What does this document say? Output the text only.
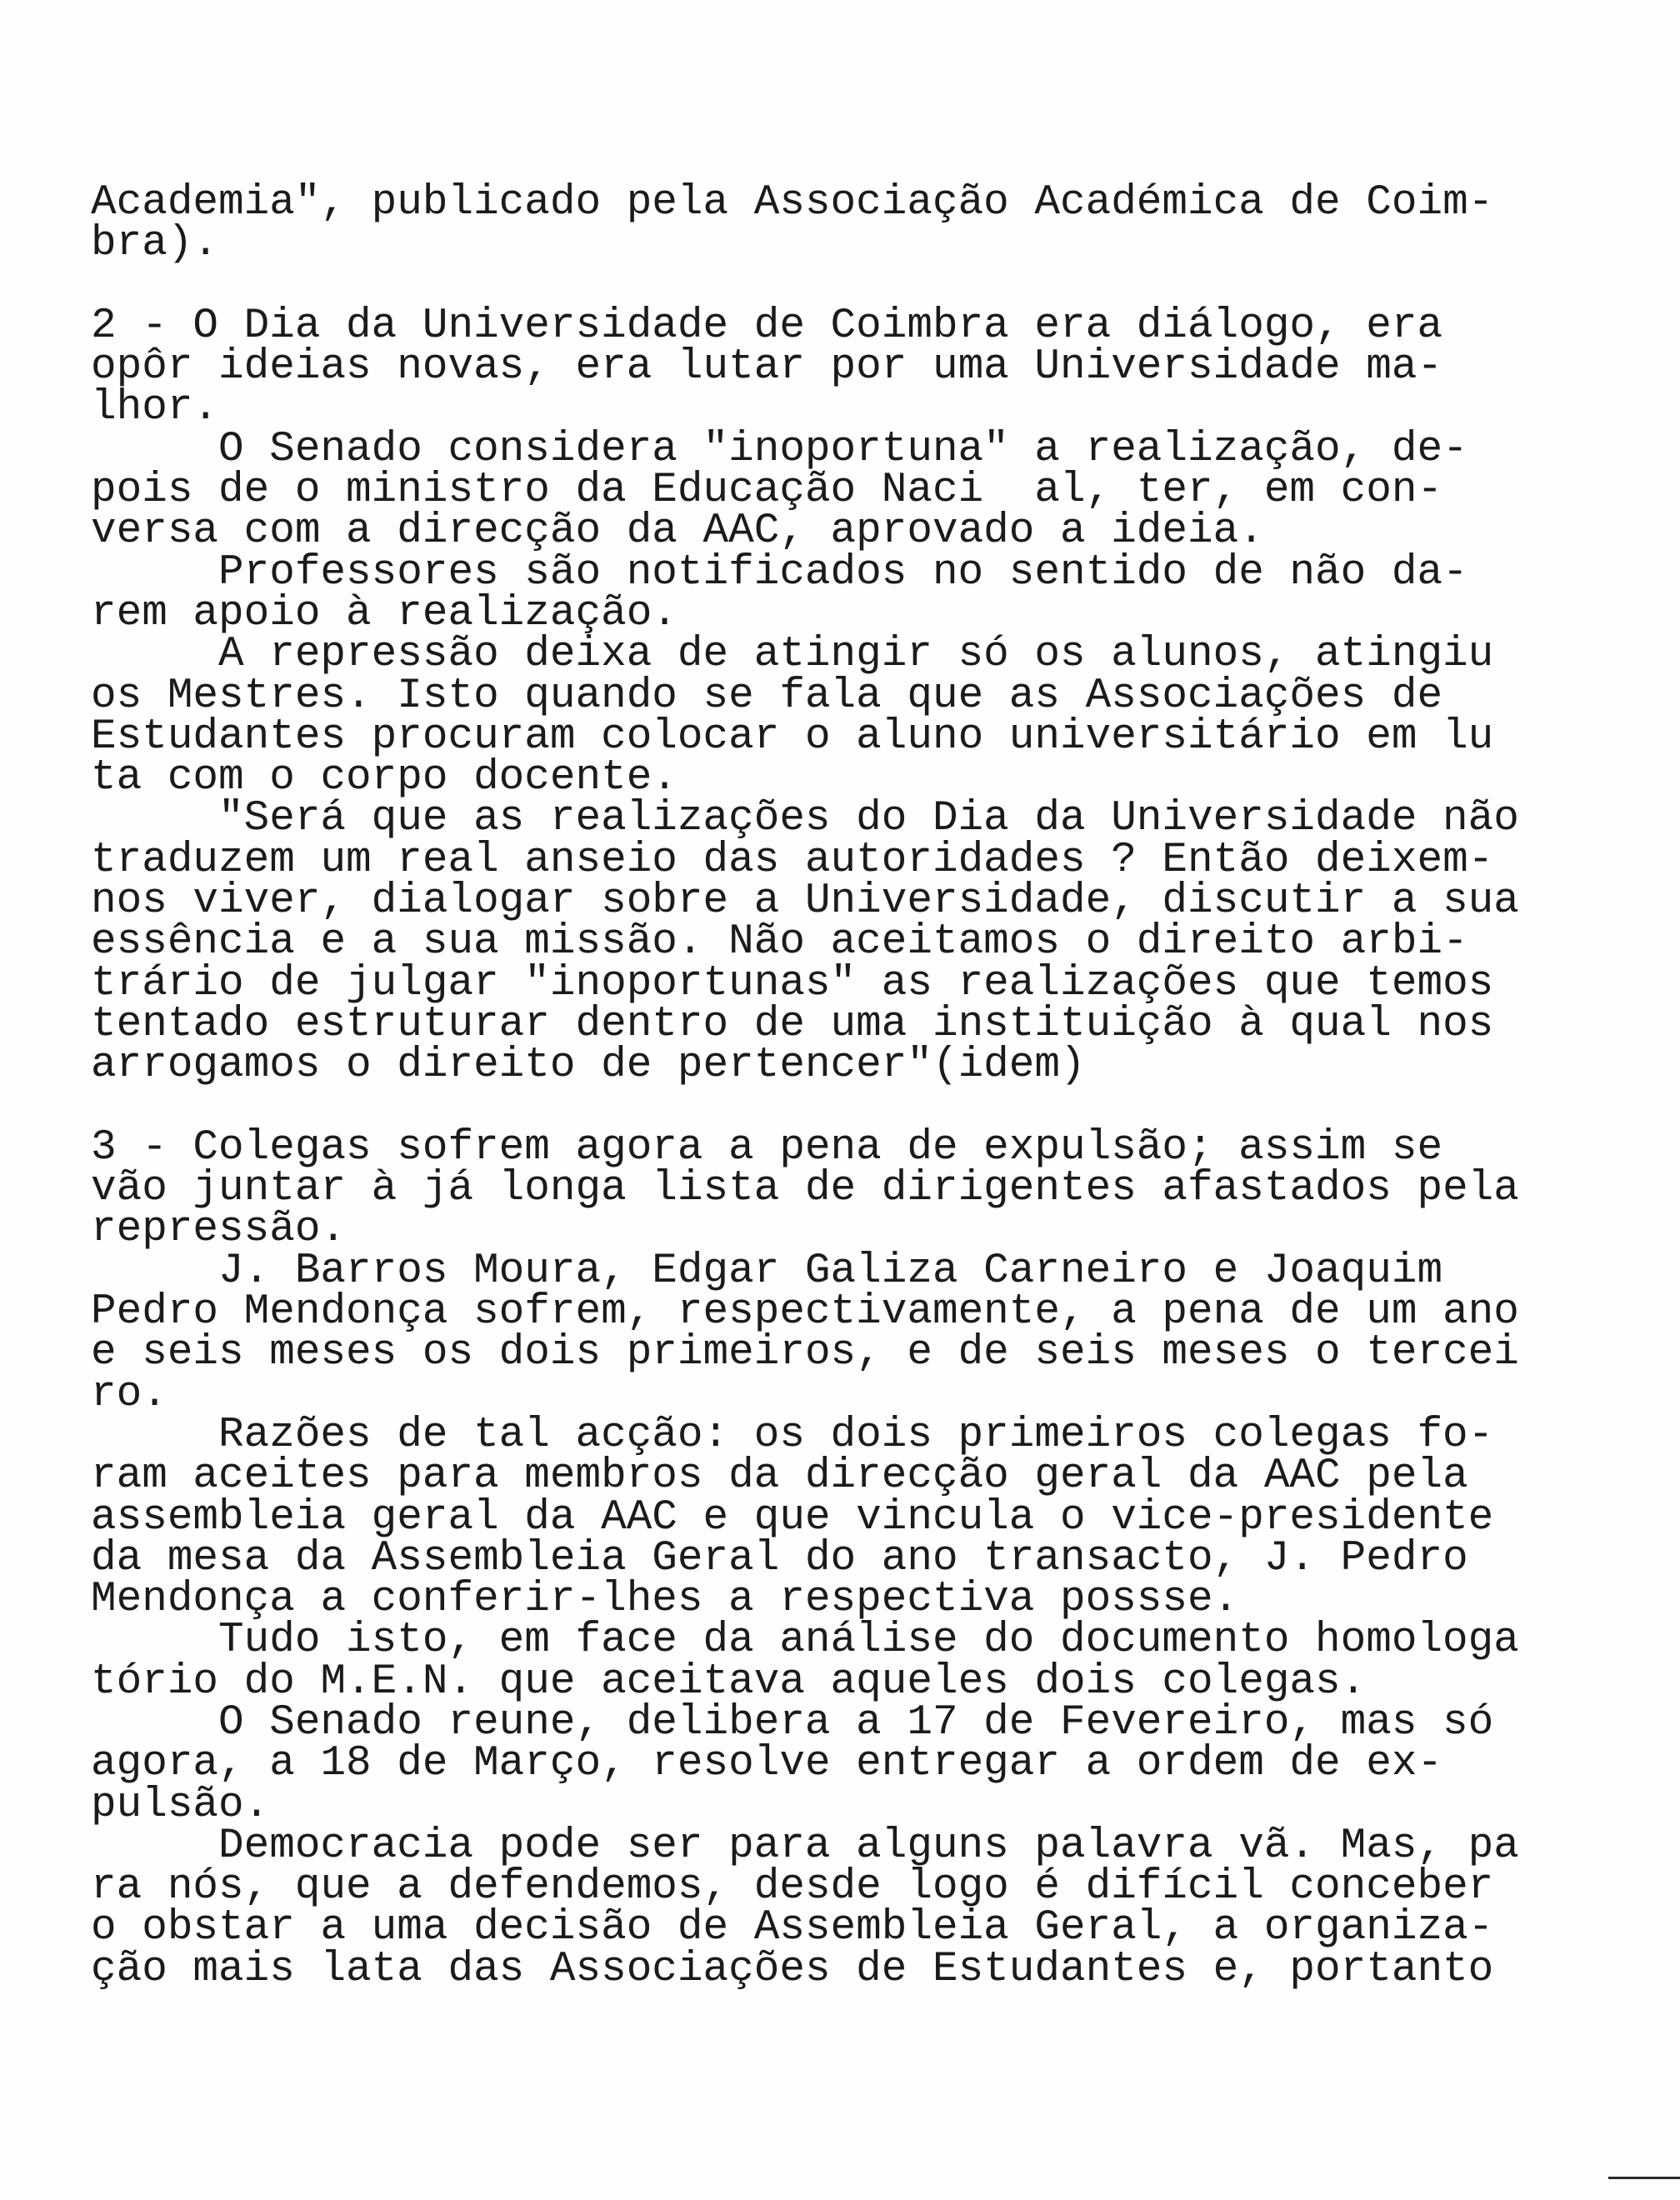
Academia", publicado pela Associação Académica de Coim-
bra).
2 - O Dia da Universidade de Coimbra era diálogo, era
opôr ideias novas, era lutar por uma Universidade ma-
lhor.
O Senado considera "inoportuna" a realização, de-
pois de o ministro da Educação Naci  al, ter, em con-
versa com a direcção da AAC, aprovado a ideia.
Professores são notificados no sentido de não da-
rem apoio à realização.
A repressão deixa de atingir só os alunos, atingiu
os Mestres. Isto quando se fala que as Associações de
Estudantes procuram colocar o aluno universitário em lu
ta com o corpo docente.
"Será que as realizações do Dia da Universidade não
traduzem um real anseio das autoridades ? Então deixem-
nos viver, dialogar sobre a Universidade, discutir a sua
essência e a sua missão. Não aceitamos o direito arbi-
trário de julgar "inoportunas" as realizações que temos
tentado estruturar dentro de uma instituição à qual nos
arrogamos o direito de pertencer"(idem)
3 - Colegas sofrem agora a pena de expulsão; assim se
vão juntar à já longa lista de dirigentes afastados pela
repressão.
J. Barros Moura, Edgar Galiza Carneiro e Joaquim
Pedro Mendonça sofrem, respectivamente, a pena de um ano
e seis meses os dois primeiros, e de seis meses o tercei
ro.
Razões de tal acção: os dois primeiros colegas fo-
ram aceites para membros da direcção geral da AAC pela
assembleia geral da AAC e que vincula o vice-presidente
da mesa da Assembleia Geral do ano transacto, J. Pedro
Mendonça a conferir-lhes a respectiva possse.
Tudo isto, em face da análise do documento homologa
tório do M.E.N. que aceitava aqueles dois colegas.
O Senado reune, delibera a 17 de Fevereiro, mas só
agora, a 18 de Março, resolve entregar a ordem de ex-
pulsão.
Democracia pode ser para alguns palavra vã. Mas, pa
ra nós, que a defendemos, desde logo é difícil conceber
o obstar a uma decisão de Assembleia Geral, a organiza-
ção mais lata das Associações de Estudantes e, portanto
